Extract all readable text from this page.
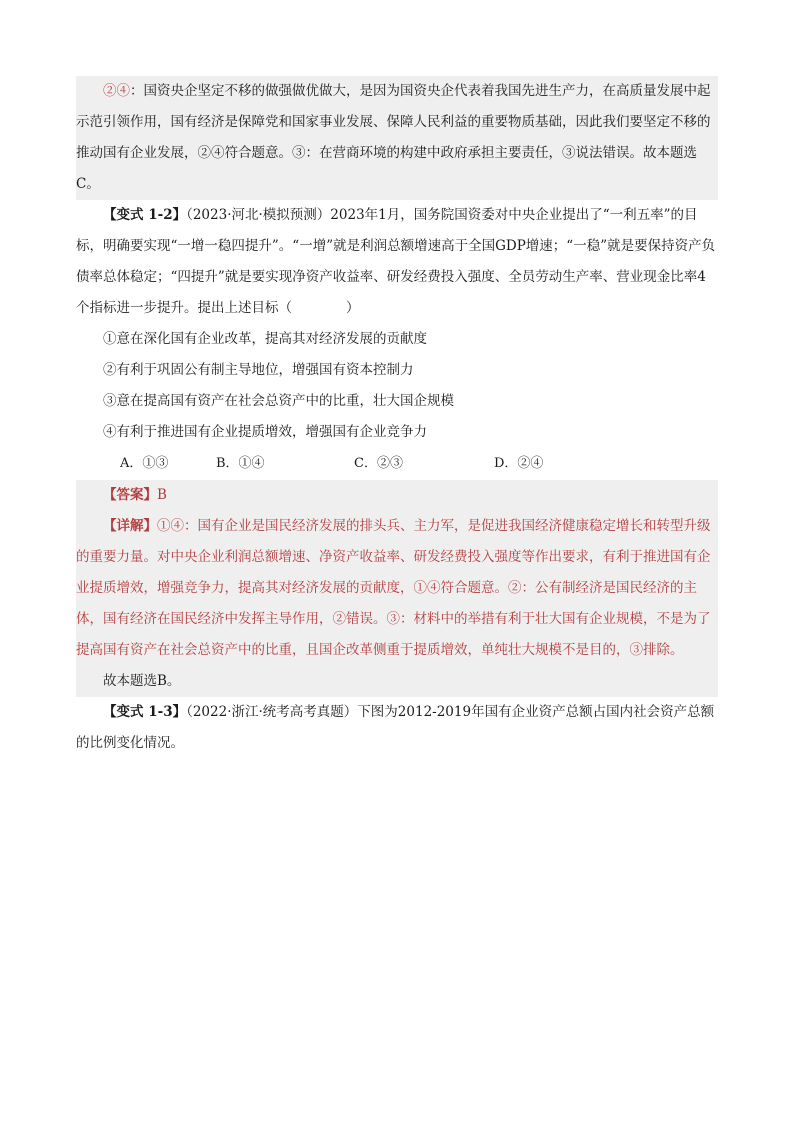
②④：国资央企坚定不移的做强做优做大，是因为国资央企代表着我国先进生产力，在高质量发展中起示范引领作用，国有经济是保障党和国家事业发展、保障人民利益的重要物质基础，因此我们要坚定不移的推动国有企业发展，②④符合题意。③：在营商环境的构建中政府承担主要责任，③说法错误。故本题选C。

【变式 1-2】（2023·河北·模拟预测）2023年1月，国务院国资委对中央企业提出了“一利五率”的目标，明确要实现“一增一稳四提升”。“一增”就是利润总额增速高于全国GDP增速；“一稳”就是要保持资产负债率总体稳定；“四提升”就是要实现净资产收益率、研发经费投入强度、全员劳动生产率、营业现金比率4个指标进一步提升。提出上述目标（　　　　）

①意在深化国有企业改革，提高其对经济发展的贡献度

②有利于巩固公有制主导地位，增强国有资本控制力

③意在提高国有资产在社会总资产中的比重，壮大国企规模

④有利于推进国有企业提质增效，增强国有企业竞争力

A．①③	B．①④	C．②③	D．②④

【答案】B

【详解】①④：国有企业是国民经济发展的排头兵、主力军，是促进我国经济健康稳定增长和转型升级的重要力量。对中央企业利润总额增速、净资产收益率、研发经费投入强度等作出要求，有利于推进国有企业提质增效，增强竞争力，提高其对经济发展的贡献度，①④符合题意。②：公有制经济是国民经济的主体，国有经济在国民经济中发挥主导作用，②错误。③：材料中的举措有利于壮大国有企业规模，不是为了提高国有资产在社会总资产中的比重，且国企改革侧重于提质增效，单纯壮大规模不是目的，③排除。

故本题选B。

【变式 1-3】（2022·浙江·统考高考真题）下图为2012-2019年国有企业资产总额占国内社会资产总额的比例变化情况。
